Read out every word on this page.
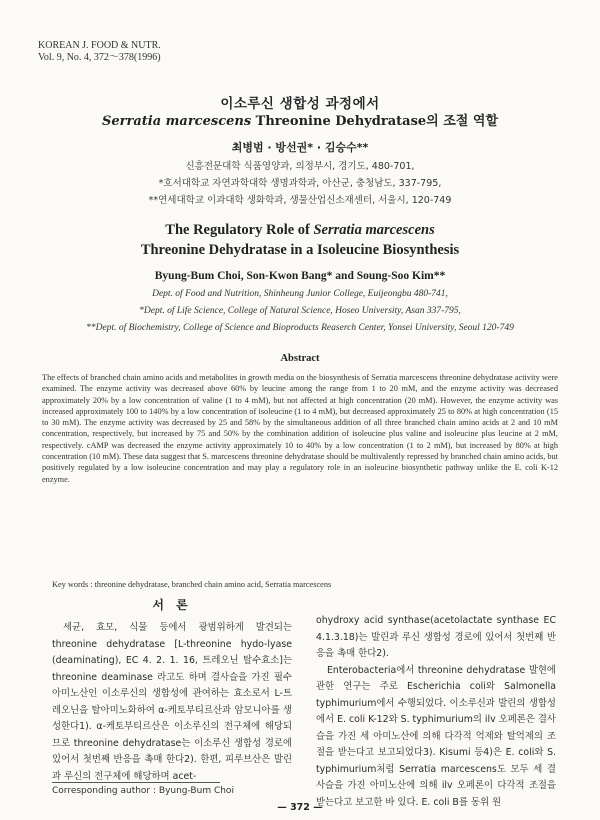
KOREAN J. FOOD & NUTR.
Vol. 9, No. 4, 372～378(1996)
이소루신 생합성 과정에서
Serratia marcescens Threonine Dehydratase의 조절 역할
최병범 · 방선권* · 김승수**
신흥전문대학 식품영양과, 의정부시, 경기도, 480-701,
*호서대학교 자연과학대학 생명과학과, 아산군, 충청남도, 337-795,
**연세대학교 이과대학 생화학과, 생물산업신소재센터, 서울시, 120-749
The Regulatory Role of Serratia marcescens
Threonine Dehydratase in a Isoleucine Biosynthesis
Byung-Bum Choi, Son-Kwon Bang* and Soung-Soo Kim**
Dept. of Food and Nutrition, Shinheung Junior College, Euijeongbu 480-741,
*Dept. of Life Science, College of Natural Science, Hoseo University, Asan 337-795,
**Dept. of Biochemistry, College of Science and Bioproducts Reaserch Center, Yonsei University, Seoul 120-749
Abstract
The effects of branched chain amino acids and metabolites in growth media on the biosynthesis of Serratia marcescens threonine dehydratase activity were examined. The enzyme activity was decreased above 60% by leucine among the range from 1 to 20 mM, and the enzyme activity was decreased approximately 20% by a low concentration of valine (1 to 4 mM), but not affected at high concentration (20 mM). However, the enzyme activity was increased approximately 100 to 140% by a low concentration of isoleucine (1 to 4 mM), but decreased approximately 25 to 80% at high concentration (15 to 30 mM). The enzyme activity was decreased by 25 and 58% by the simultaneous addition of all three branched chain amino acids at 2 and 10 mM concentration, respectively, but increased by 75 and 50% by the combination addition of isoleucine plus valine and isoleucine plus leucine at 2 mM, respectively. cAMP was decreased the enzyme activity approximately 10 to 40% by a low concentration (1 to 2 mM), but increased by 80% at high concentration (10 mM). These data suggest that S. marcescens threonine dehydratase should be multivalently repressed by branched chain amino acids, but positively regulated by a low isoleucine concentration and may play a regulatory role in an isoleucine biosynthetic pathway unlike the E. coli K-12 enzyme.
Key words : threonine dehydratase, branched chain amino acid, Serratia marcescens
서 론

세균, 효모, 식물 등에서 광범위하게 발견되는 threonine dehydratase [L-threonine hydo-lyase (deaminating), EC 4. 2. 1. 16, 트레오닌 탈수효소]는 threonine deaminase 라고도 하며 결사슬을 가진 필수 아미노산인 이소루신의 생합성에 관여하는 효소로서 L-트레오닌을 탈아미노화하여 α-케토부티르산과 암모니아를 생성한다1). α-케토부티르산은 이소루신의 전구체에 해당되므로 threonine dehydratase는 이소루신 생합성 경로에 있어서 첫번째 반응을 촉매 한다2). 한편, 피루브산은 발린과 루신의 전구체에 해당하며 acet-

ohydroxy acid synthase(acetolactate synthase EC 4.1.3.18)는 발린과 루신 생합성 경로에 있어서 첫번째 반응을 촉매 한다2).

Enterobacteria에서 threonine dehydratase 발현에 관한 연구는 주로 Escherichia coli와 Salmonella typhimurium에서 수행되었다. 이소루신과 발린의 생합성에서 E. coli K-12와 S. typhimurium의 ilv 오페론은 결사슬을 가진 세 아미노산에 의해 다각적 억제와 탈억제의 조절을 받는다고 보고되었다3). Kisumi 등4)은 E. coli와 S. typhimurium처럼 Serratia marcescens도 모두 세 결사슬을 가진 아미노산에 의해 ilv 오페론이 다각적 조절을 받는다고 보고한 바 있다. E. coli B를 동위 원

Corresponding author : Byung-Bum Choi
— 372 —
